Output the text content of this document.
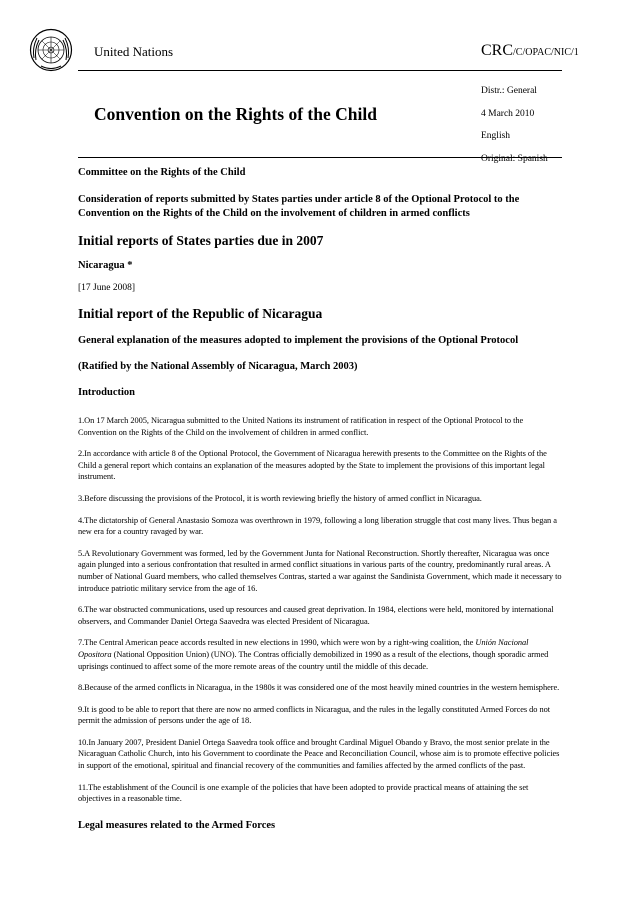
United Nations	CRC/C/OPAC/NIC/1
Convention on the Rights of the Child
Distr.: General
4 March 2010
English
Original: Spanish

Committee on the Rights of the Child

Consideration of reports submitted by States parties under article 8 of the Optional Protocol to the Convention on the Rights of the Child on the involvement of children in armed conflicts

Initial reports of States parties due in 2007

Nicaragua *

[17 June 2008]

Initial report of the Republic of Nicaragua

General explanation of the measures adopted to implement the provisions of the Optional Protocol

(Ratified by the National Assembly of Nicaragua, March 2003)

Introduction

1.On 17 March 2005, Nicaragua submitted to the United Nations its instrument of ratification in respect of the Optional Protocol to the Convention on the Rights of the Child on the involvement of children in armed conflict.

2.In accordance with article 8 of the Optional Protocol, the Government of Nicaragua herewith presents to the Committee on the Rights of the Child a general report which contains an explanation of the measures adopted by the State to implement the provisions of this important legal instrument.

3.Before discussing the provisions of the Protocol, it is worth reviewing briefly the history of armed conflict in Nicaragua.

4.The dictatorship of General Anastasio Somoza was overthrown in 1979, following a long liberation struggle that cost many lives. Thus began a new era for a country ravaged by war.

5.A Revolutionary Government was formed, led by the Government Junta for National Reconstruction. Shortly thereafter, Nicaragua was once again plunged into a serious confrontation that resulted in armed conflict situations in various parts of the country, predominantly rural areas. A number of National Guard members, who called themselves Contras, started a war against the Sandinista Government, which made it necessary to introduce patriotic military service from the age of 16.

6.The war obstructed communications, used up resources and caused great deprivation. In 1984, elections were held, monitored by international observers, and Commander Daniel Ortega Saavedra was elected President of Nicaragua.

7.The Central American peace accords resulted in new elections in 1990, which were won by a right-wing coalition, the Unión Nacional Opositora (National Opposition Union) (UNO). The Contras officially demobilized in 1990 as a result of the elections, though sporadic armed uprisings continued to affect some of the more remote areas of the country until the middle of this decade.

8.Because of the armed conflicts in Nicaragua, in the 1980s it was considered one of the most heavily mined countries in the western hemisphere.

9.It is good to be able to report that there are now no armed conflicts in Nicaragua, and the rules in the legally constituted Armed Forces do not permit the admission of persons under the age of 18.

10.In January 2007, President Daniel Ortega Saavedra took office and brought Cardinal Miguel Obando y Bravo, the most senior prelate in the Nicaraguan Catholic Church, into his Government to coordinate the Peace and Reconciliation Council, whose aim is to promote effective policies in support of the emotional, spiritual and financial recovery of the communities and families affected by the armed conflicts of the past.

11.The establishment of the Council is one example of the policies that have been adopted to provide practical means of attaining the set objectives in a reasonable time.

Legal measures related to the Armed Forces
